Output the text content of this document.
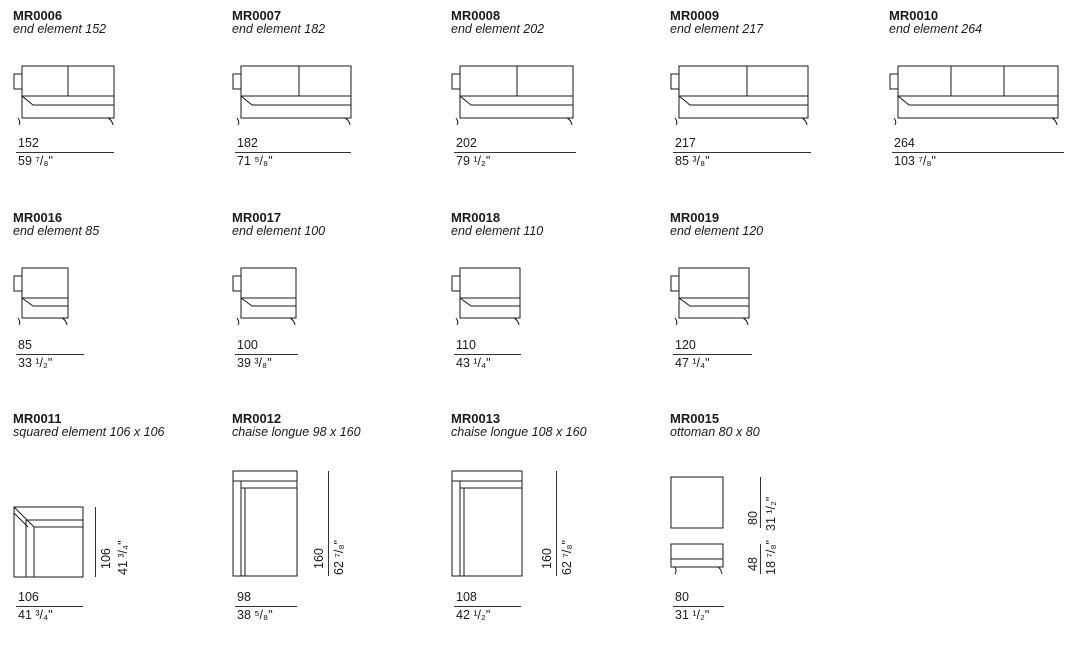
MR0006
end element 152
152
59 ⁷/₈"
MR0007
end element 182
182
71 ⁵/₈"
MR0008
end element 202
202
79 ¹/₂"
MR0009
end element 217
217
85 ³/₈"
MR0010
end element 264
264
103 ⁷/₈"
MR0016
end element 85
85
33 ¹/₂"
MR0017
end element 100
100
39 ³/₈"
MR0018
end element 110
110
43 ¹/₄"
MR0019
end element 120
120
47 ¹/₄"
MR0011
squared element 106 x 106
106 41 ³/₄"
106
41 ³/₄"
MR0012
chaise longue 98 x 160
160 62 ⁷/₈"
98
38 ⁵/₈"
MR0013
chaise longue 108 x 160
160 62 ⁷/₈"
108
42 ¹/₂"
MR0015
ottoman 80 x 80
80 31 ¹/₂"
48 18 ⁷/₈"
80
31 ¹/₂"
